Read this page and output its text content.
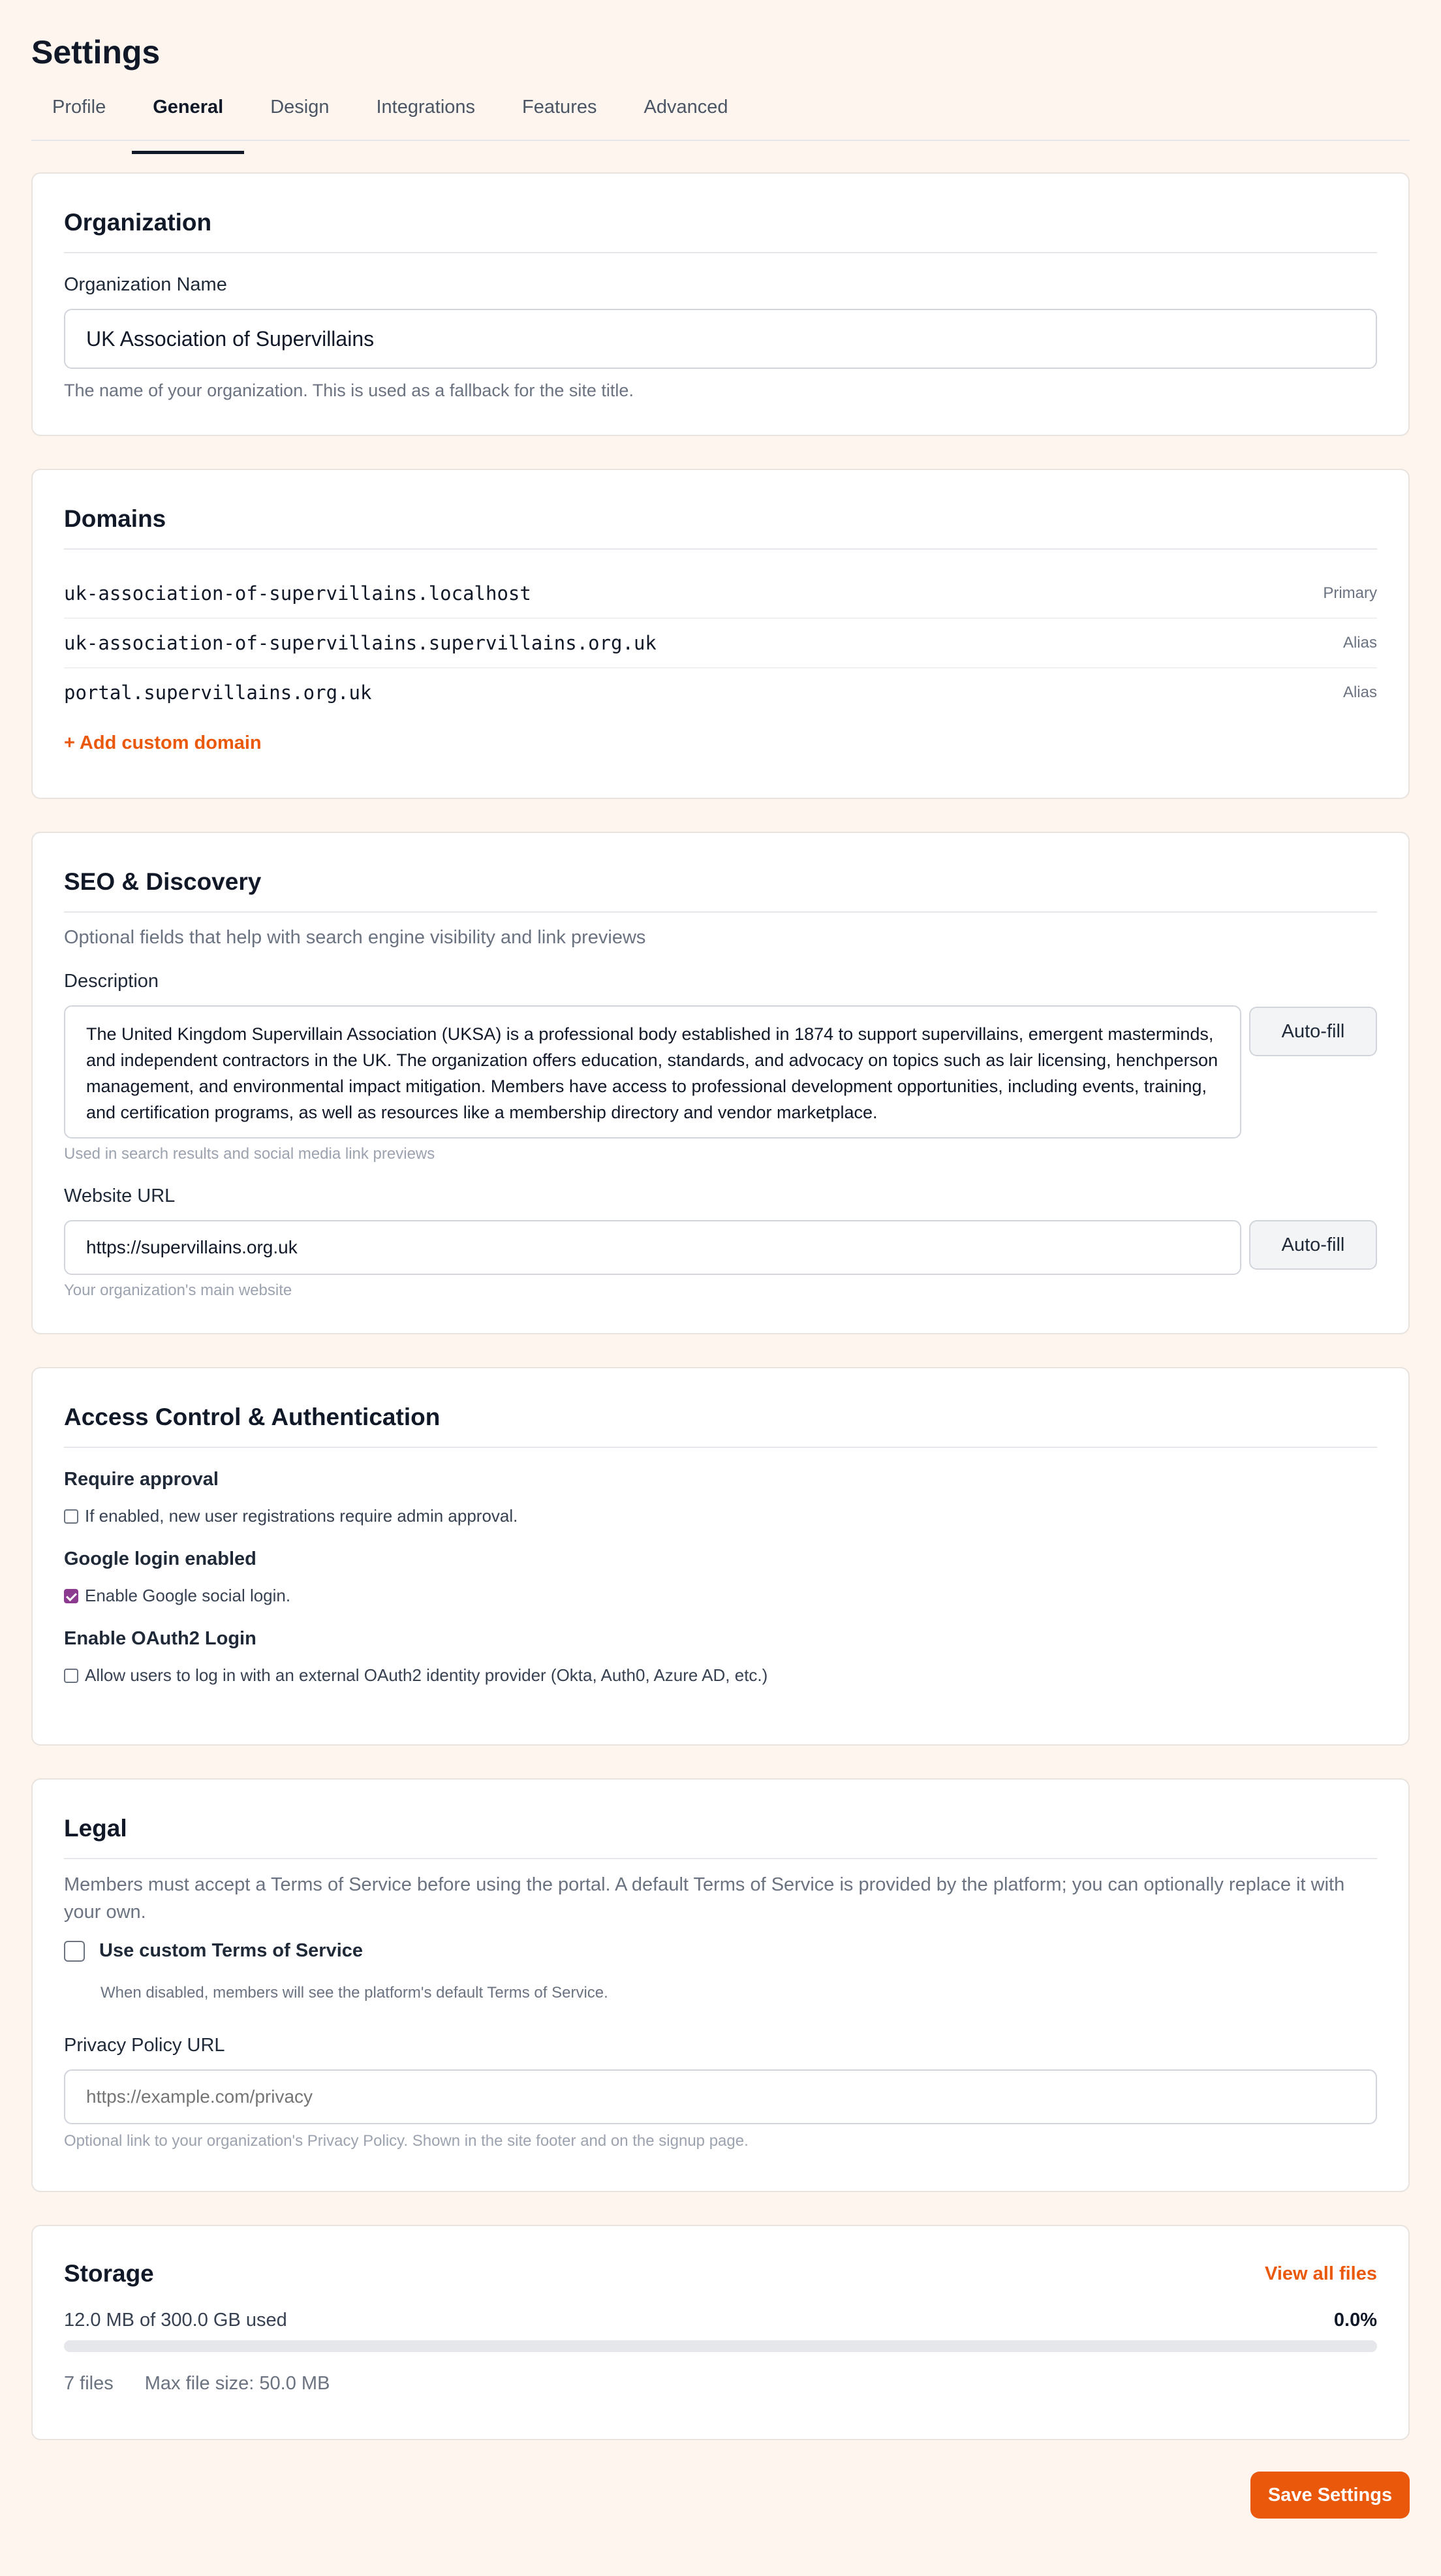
Settings
Profile General Design Integrations Features Advanced
Organization
Organization Name
UK Association of Supervillains
The name of your organization. This is used as a fallback for the site title.
Domains
uk-association-of-supervillains.localhost	Primary
uk-association-of-supervillains.supervillains.org.uk	Alias
portal.supervillains.org.uk	Alias
+ Add custom domain
SEO & Discovery
Optional fields that help with search engine visibility and link previews
Description
The United Kingdom Supervillain Association (UKSA) is a professional body established in 1874 to support supervillains, emergent masterminds, and independent contractors in the UK. The organization offers education, standards, and advocacy on topics such as lair licensing, henchperson management, and environmental impact mitigation. Members have access to professional development opportunities, including events, training, and certification programs, as well as resources like a membership directory and vendor marketplace.
Auto-fill
Used in search results and social media link previews
Website URL
https://supervillains.org.uk	Auto-fill
Your organization's main website
Access Control & Authentication
Require approval
If enabled, new user registrations require admin approval.
Google login enabled
Enable Google social login.
Enable OAuth2 Login
Allow users to log in with an external OAuth2 identity provider (Okta, Auth0, Azure AD, etc.)
Legal
Members must accept a Terms of Service before using the portal. A default Terms of Service is provided by the platform; you can optionally replace it with your own.
Use custom Terms of Service
When disabled, members will see the platform's default Terms of Service.
Privacy Policy URL
https://example.com/privacy
Optional link to your organization's Privacy Policy. Shown in the site footer and on the signup page.
Storage	View all files
12.0 MB of 300.0 GB used	0.0%
7 files Max file size: 50.0 MB
Save Settings
